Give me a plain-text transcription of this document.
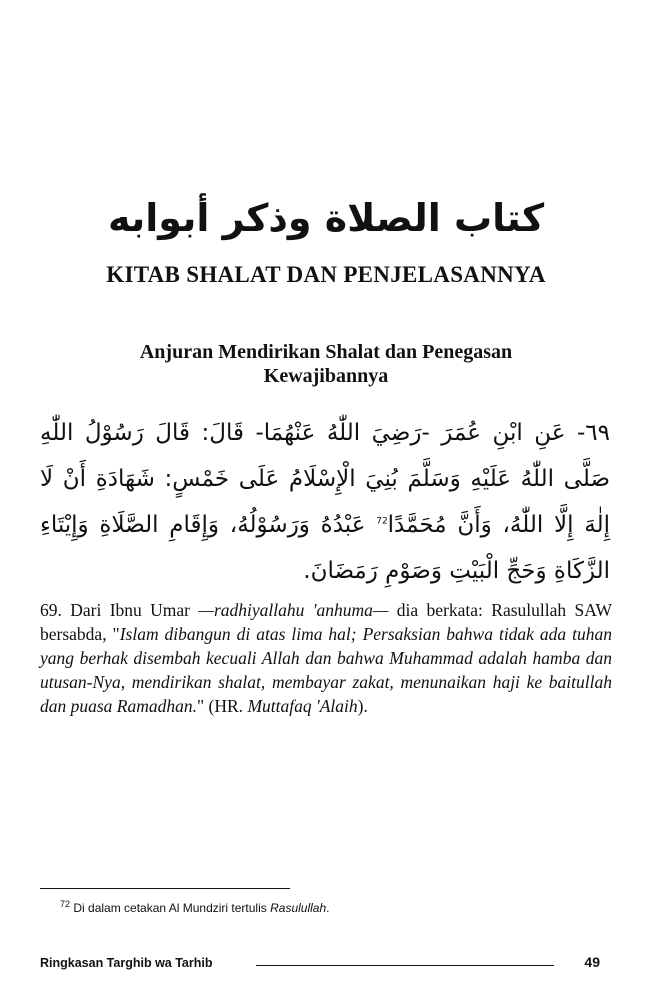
كتاب الصلاة وذكر أبوابه
KITAB SHALAT DAN PENJELASANNYA
Anjuran Mendirikan Shalat dan Penegasan Kewajibannya
٦٩- عَنِ ابْنِ عُمَرَ -رَضِيَ اللّٰهُ عَنْهُمَا- قَالَ: قَالَ رَسُوْلُ اللّٰهِ صَلَّى اللّٰهُ عَلَيْهِ وَسَلَّمَ بُنِيَ الْإِسْلَامُ عَلَى خَمْسٍ: شَهَادَةِ أَنْ لَا إِلٰهَ إِلَّا اللّٰهُ، وَأَنَّ مُحَمَّدًا$^{72}$ عَبْدُهُ وَرَسُوْلُهُ، وَإِقَامِ الصَّلَاةِ وَإِيْتَاءِ الزَّكَاةِ وَحَجِّ الْبَيْتِ وَصَوْمِ رَمَضَانَ.
69. Dari Ibnu Umar —radhiyallahu 'anhuma— dia berkata: Rasulullah SAW bersabda, "Islam dibangun di atas lima hal; Persaksian bahwa tidak ada tuhan yang berhak disembah kecuali Allah dan bahwa Muhammad adalah hamba dan utusan-Nya, mendirikan shalat, membayar zakat, menunaikan haji ke baitullah dan puasa Ramadhan." (HR. Muttafaq 'Alaih).
$^{72}$ Di dalam cetakan Al Mundziri tertulis Rasulullah.
Ringkasan Targhib wa Tarhib	49
